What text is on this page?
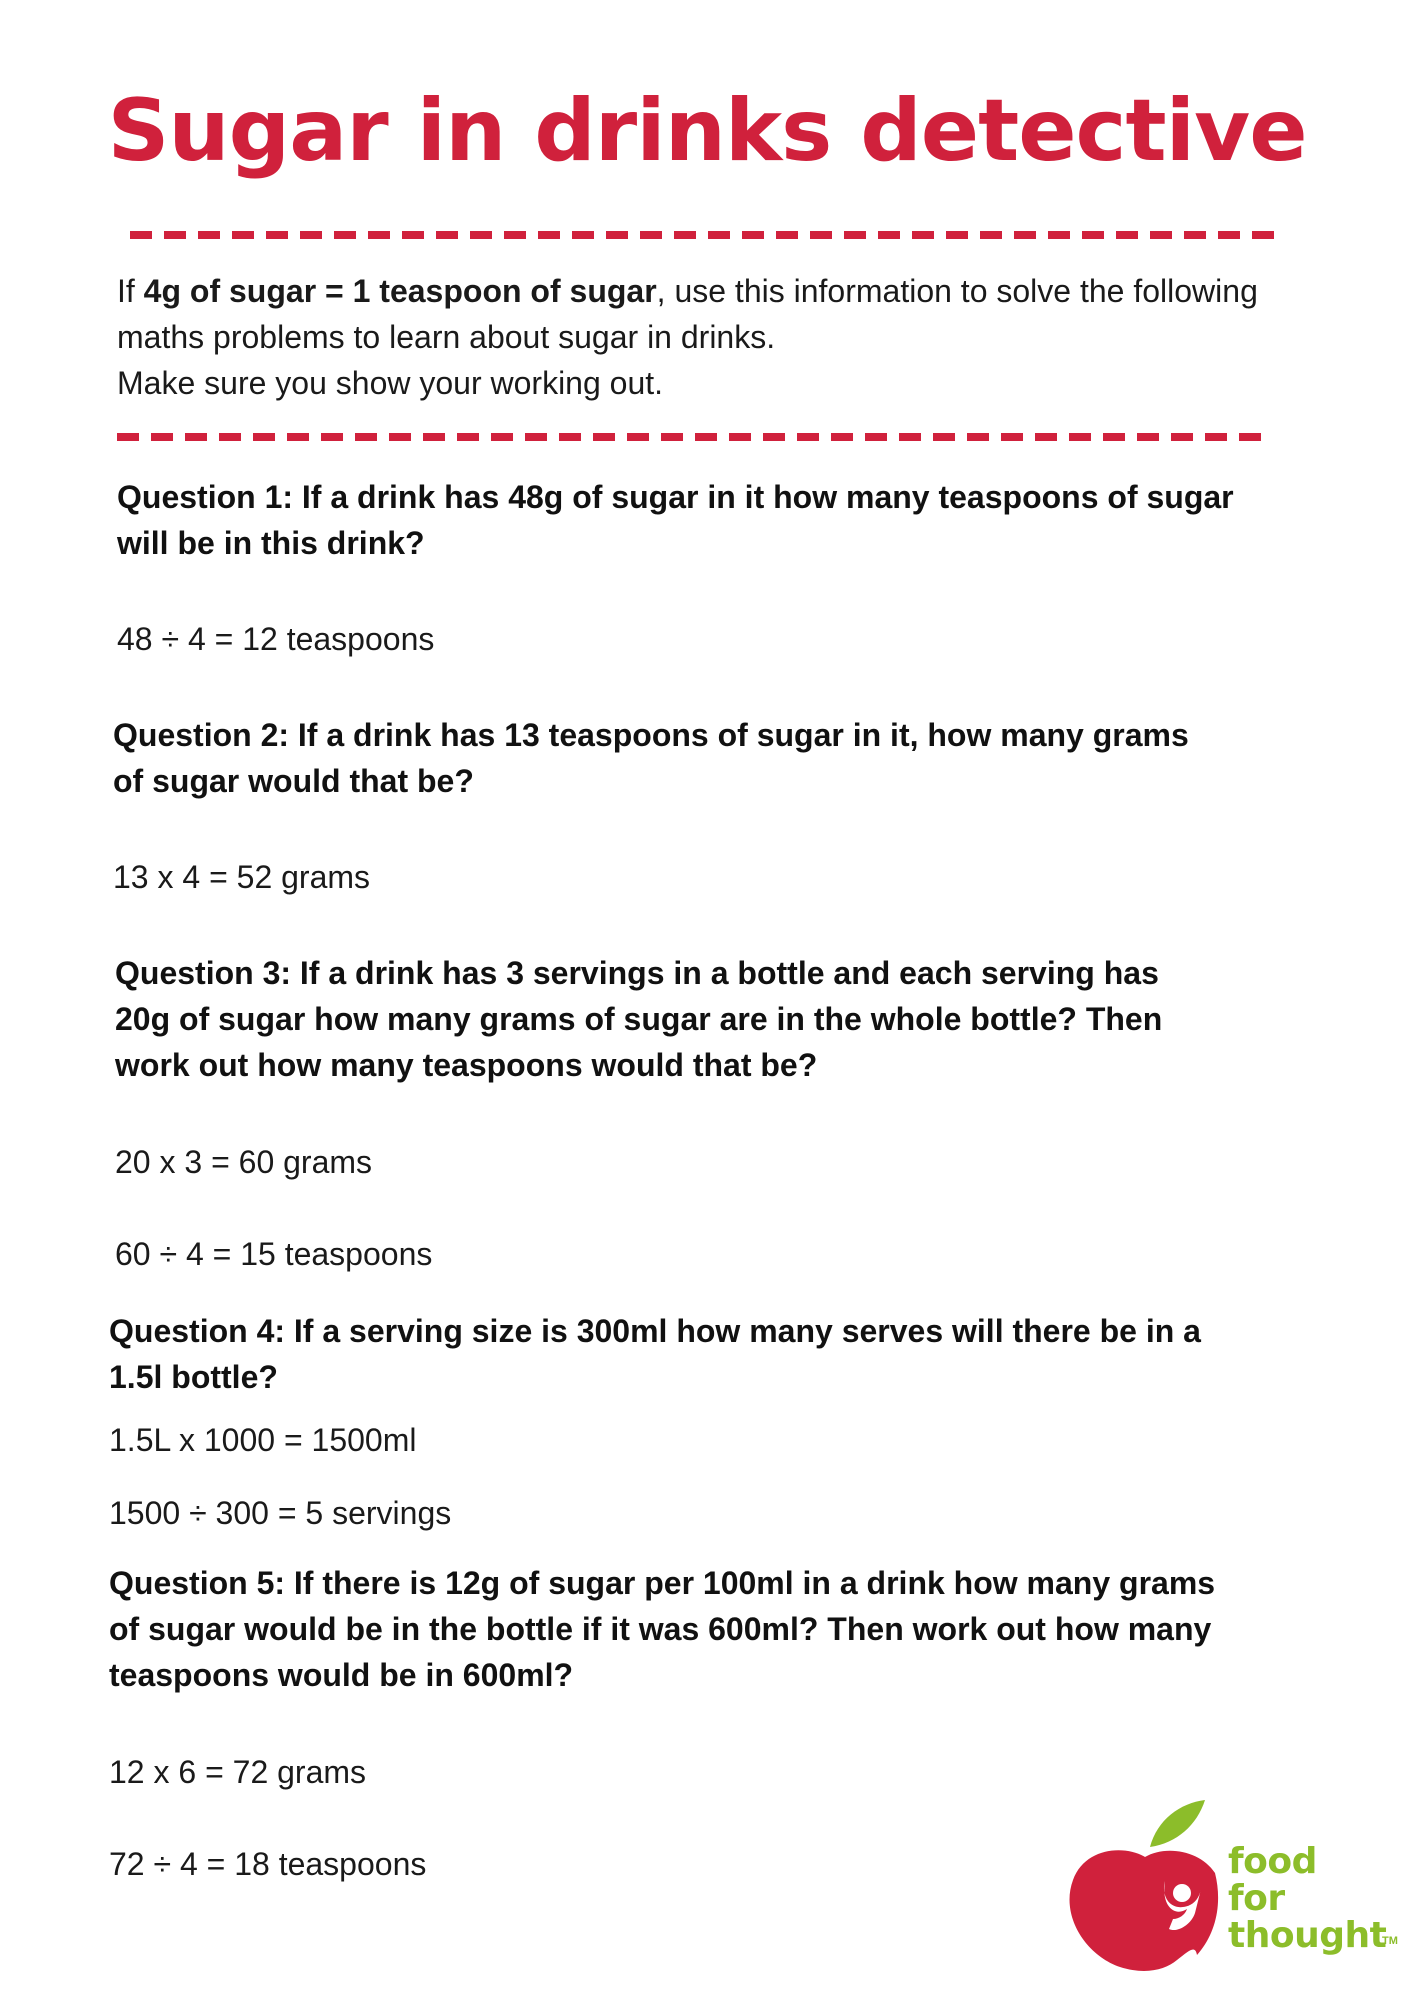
Sugar in drinks detective

If 4g of sugar = 1 teaspoon of sugar, use this information to solve the following maths problems to learn about sugar in drinks.
Make sure you show your working out.

Question 1: If a drink has 48g of sugar in it how many teaspoons of sugar will be in this drink?

48 ÷ 4 = 12 teaspoons

Question 2: If a drink has 13 teaspoons of sugar in it, how many grams of sugar would that be?

13 x 4 = 52 grams

Question 3: If a drink has 3 servings in a bottle and each serving has 20g of sugar how many grams of sugar are in the whole bottle? Then work out how many teaspoons would that be?

20 x 3 = 60 grams

60 ÷ 4 = 15 teaspoons

Question 4: If a serving size is 300ml how many serves will there be in a 1.5l bottle?

1.5L x 1000 = 1500ml

1500 ÷ 300 = 5 servings

Question 5: If there is 12g of sugar per 100ml in a drink how many grams of sugar would be in the bottle if it was 600ml? Then work out how many teaspoons would be in 600ml?

12 x 6 = 72 grams

72 ÷ 4 = 18 teaspoons	food
for
thought
TM
